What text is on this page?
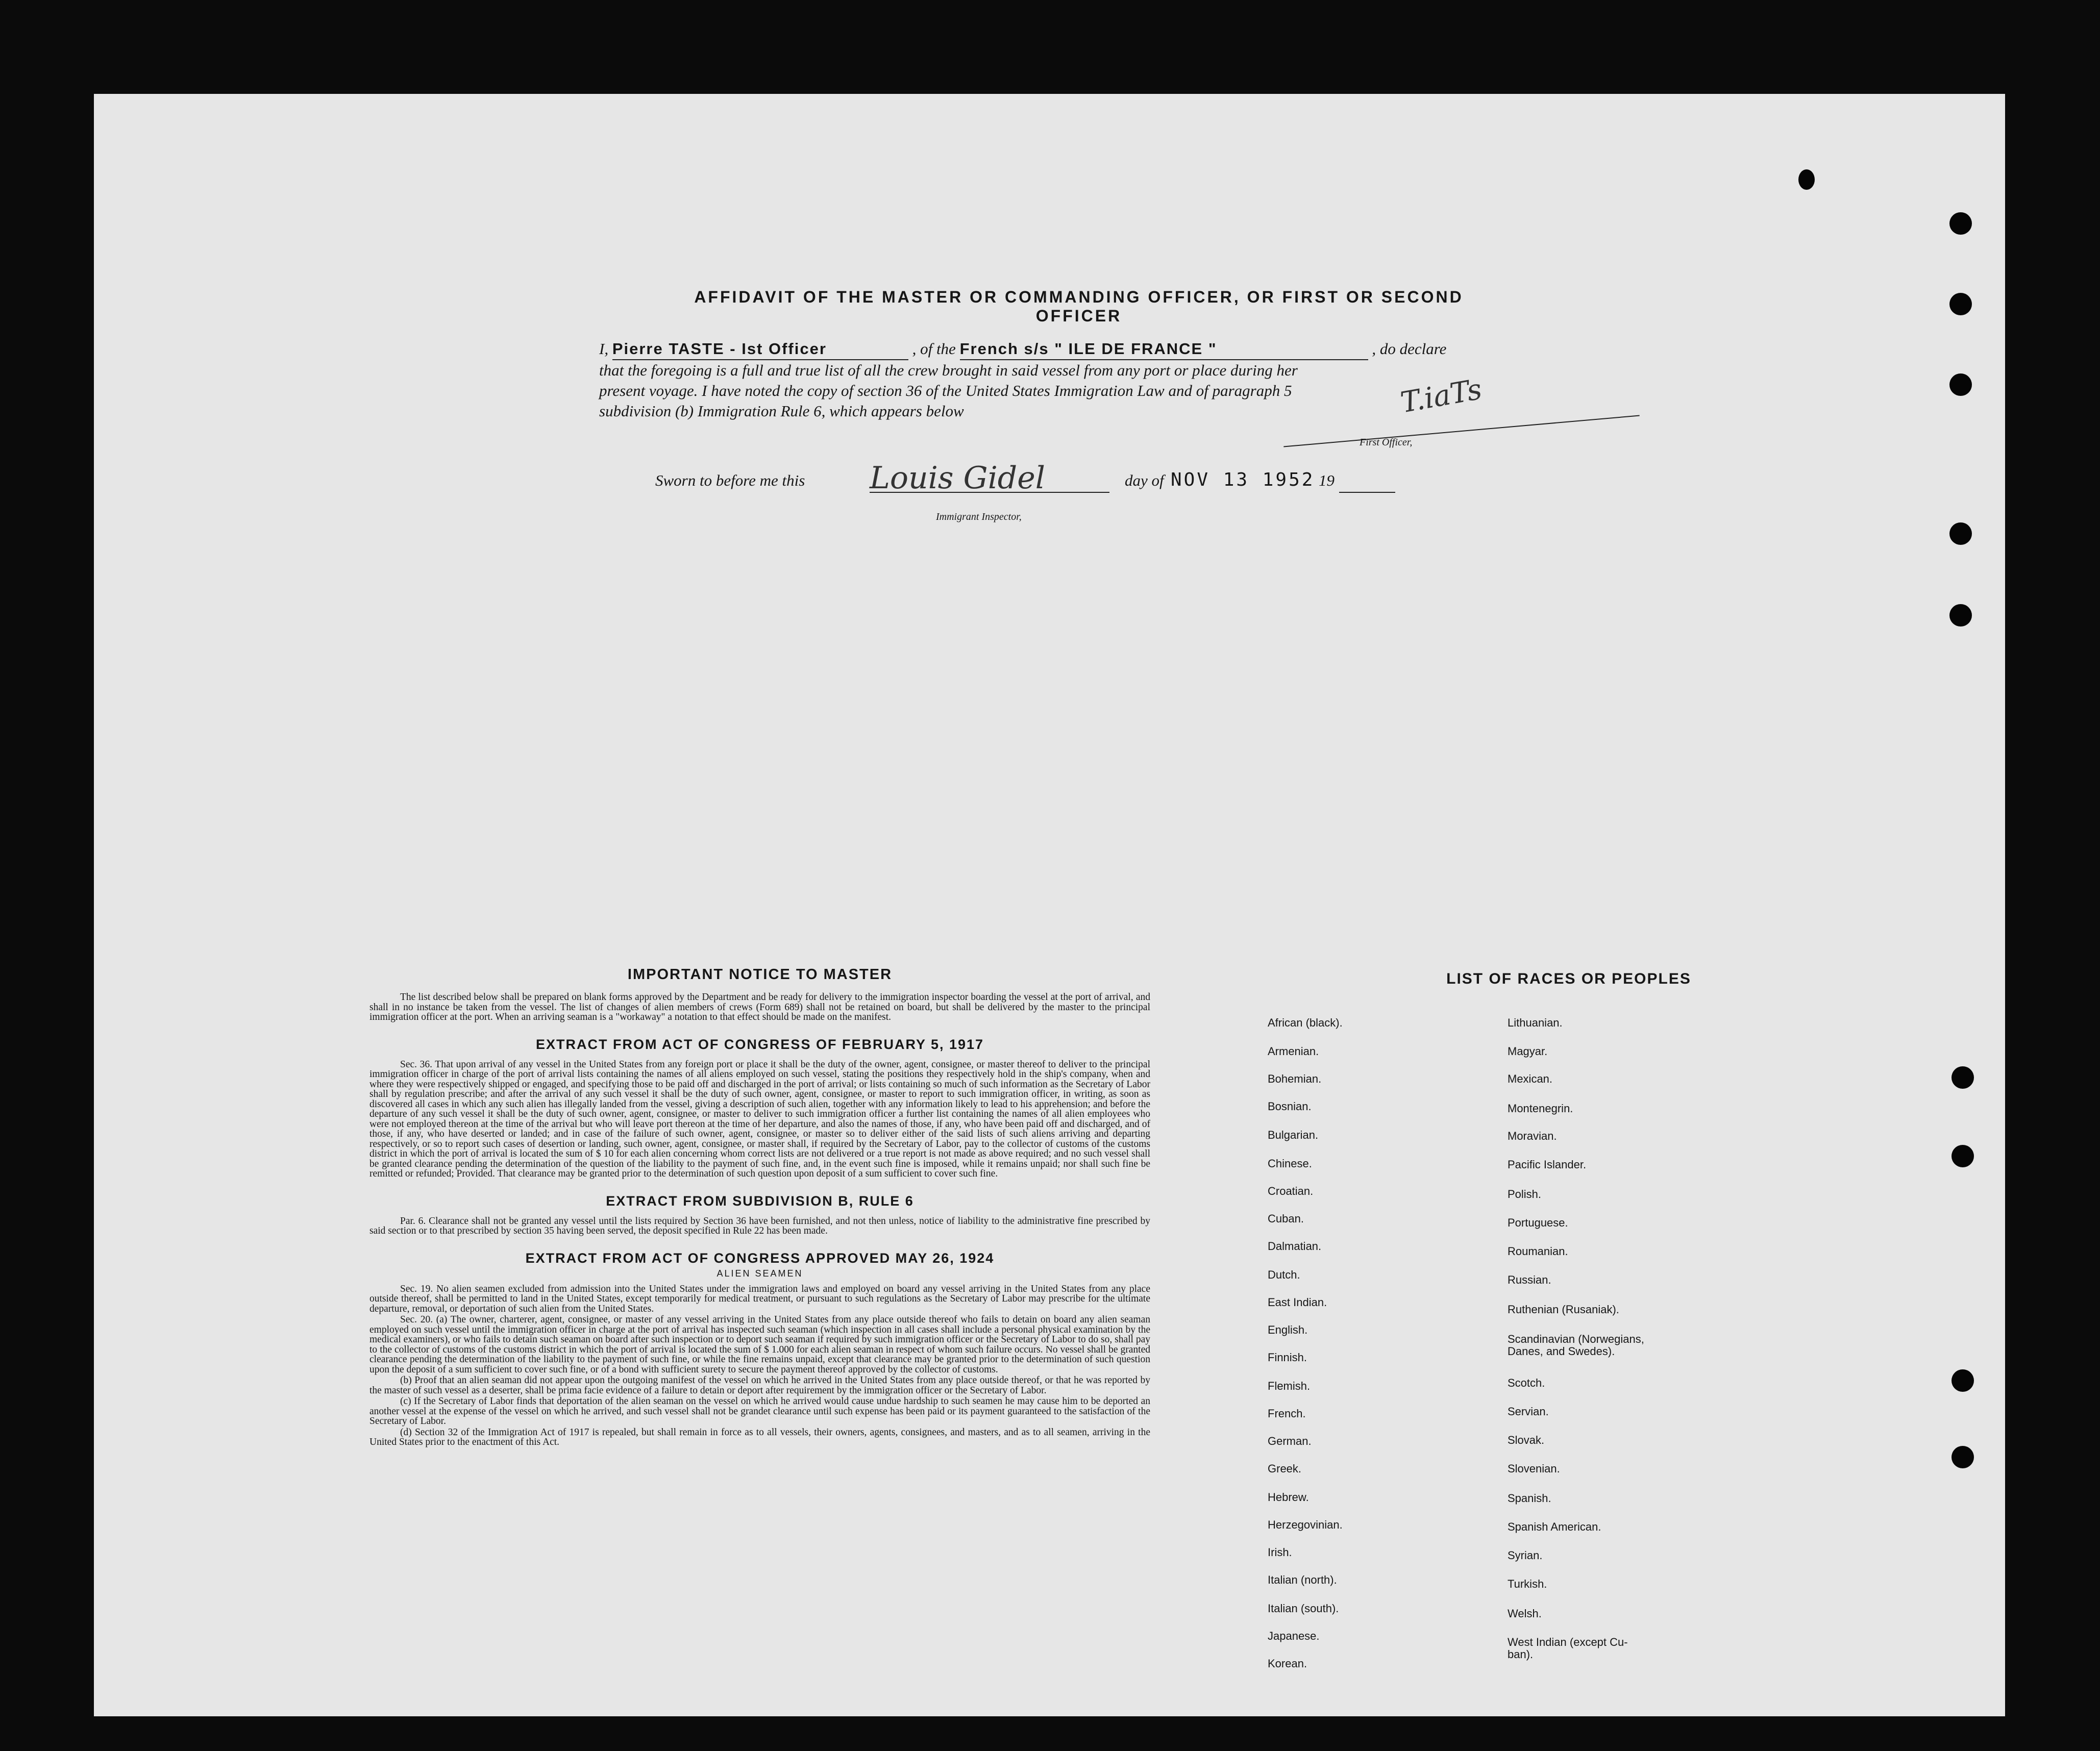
AFFIDAVIT OF THE MASTER OR COMMANDING OFFICER, OR FIRST OR SECOND OFFICER
I, Pierre TASTE - Ist Officer	, of the French s/s " ILE DE FRANCE "	, do declare
that the foregoing is a full and true list of all the crew brought in said vessel from any port or place during her
present voyage. I have noted the copy of section 36 of the United States Immigration Law and of paragraph 5
subdivision (b) Immigration Rule 6, which appears below	T.iaTs
First Officer,
Sworn to before me this	day of NOV 13 1952 19
Louis Gidel
Immigrant Inspector,
IMPORTANT NOTICE TO MASTER

The list described below shall be prepared on blank forms approved by the Department and be ready for delivery to the immigration inspector boarding the vessel at the port of arrival, and shall in no instance be taken from the vessel. The list of changes of alien members of crews (Form 689) shall not be retained on board, but shall be delivered by the master to the principal immigration officer at the port. When an arriving seaman is a "workaway" a notation to that effect should be made on the manifest.

EXTRACT FROM ACT OF CONGRESS OF FEBRUARY 5, 1917

Sec. 36. That upon arrival of any vessel in the United States from any foreign port or place it shall be the duty of the owner, agent, consignee, or master thereof to deliver to the principal immigration officer in charge of the port of arrival lists containing the names of all aliens employed on such vessel, stating the positions they respectively hold in the ship's company, when and where they were respectively shipped or engaged, and specifying those to be paid off and discharged in the port of arrival; or lists containing so much of such information as the Secretary of Labor shall by regulation prescribe; and after the arrival of any such vessel it shall be the duty of such owner, agent, consignee, or master to report to such immigration officer, in writing, as soon as discovered all cases in which any such alien has illegally landed from the vessel, giving a description of such alien, together with any information likely to lead to his apprehension; and before the departure of any such vessel it shall be the duty of such owner, agent, consignee, or master to deliver to such immigration officer a further list containing the names of all alien employees who were not employed thereon at the time of the arrival but who will leave port thereon at the time of her departure, and also the names of those, if any, who have been paid off and discharged, and of those, if any, who have deserted or landed; and in case of the failure of such owner, agent, consignee, or master so to deliver either of the said lists of such aliens arriving and departing respectively, or so to report such cases of desertion or landing, such owner, agent, consignee, or master shall, if required by the Secretary of Labor, pay to the collector of customs of the customs district in which the port of arrival is located the sum of $ 10 for each alien concerning whom correct lists are not delivered or a true report is not made as above required; and no such vessel shall be granted clearance pending the determination of the question of the liability to the payment of such fine, and, in the event such fine is imposed, while it remains unpaid; nor shall such fine be remitted or refunded; Provided. That clearance may be granted prior to the determination of such question upon deposit of a sum sufficient to cover such fine.

EXTRACT FROM SUBDIVISION B, RULE 6

Par. 6. Clearance shall not be granted any vessel until the lists required by Section 36 have been furnished, and not then unless, notice of liability to the administrative fine prescribed by said section or to that prescribed by section 35 having been served, the deposit specified in Rule 22 has been made.

EXTRACT FROM ACT OF CONGRESS APPROVED MAY 26, 1924
ALIEN SEAMEN

Sec. 19. No alien seamen excluded from admission into the United States under the immigration laws and employed on board any vessel arriving in the United States from any place outside thereof, shall be permitted to land in the United States, except temporarily for medical treatment, or pursuant to such regulations as the Secretary of Labor may prescribe for the ultimate departure, removal, or deportation of such alien from the United States.

Sec. 20. (a) The owner, charterer, agent, consignee, or master of any vessel arriving in the United States from any place outside thereof who fails to detain on board any alien seaman employed on such vessel until the immigration officer in charge at the port of arrival has inspected such seaman (which inspection in all cases shall include a personal physical examination by the medical examiners), or who fails to detain such seaman on board after such inspection or to deport such seaman if required by such immigration officer or the Secretary of Labor to do so, shall pay to the collector of customs of the customs district in which the port of arrival is located the sum of $ 1.000 for each alien seaman in respect of whom such failure occurs. No vessel shall be granted clearance pending the determination of the liability to the payment of such fine, or while the fine remains unpaid, except that clearance may be granted prior to the determination of such question upon the deposit of a sum sufficient to cover such fine, or of a bond with sufficient surety to secure the payment thereof approved by the collector of customs.

(b) Proof that an alien seaman did not appear upon the outgoing manifest of the vessel on which he arrived in the United States from any place outside thereof, or that he was reported by the master of such vessel as a deserter, shall be prima facie evidence of a failure to detain or deport after requirement by the immigration officer or the Secretary of Labor.

(c) If the Secretary of Labor finds that deportation of the alien seaman on the vessel on which he arrived would cause undue hardship to such seamen he may cause him to be deported an another vessel at the expense of the vessel on which he arrived, and such vessel shall not be grandet clearance until such expense has been paid or its payment guaranteed to the satisfaction of the Secretary of Labor.

(d) Section 32 of the Immigration Act of 1917 is repealed, but shall remain in force as to all vessels, their owners, agents, consignees, and masters, and as to all seamen, arriving in the United States prior to the enactment of this Act.

LIST OF RACES OR PEOPLES
African (black).
Armenian.
Bohemian.
Bosnian.
Bulgarian.
Chinese.
Croatian.
Cuban.
Dalmatian.
Dutch.
East Indian.
English.
Finnish.
Flemish.
French.
German.
Greek.
Hebrew.
Herzegovinian.
Irish.
Italian (north).
Italian (south).
Japanese.
Korean.
Lithuanian.
Magyar.
Mexican.
Montenegrin.
Moravian.
Pacific Islander.
Polish.
Portuguese.
Roumanian.
Russian.
Ruthenian (Rusaniak).
Scandinavian (Norwegians,
Danes, and Swedes).
Scotch.
Servian.
Slovak.
Slovenian.
Spanish.
Spanish American.
Syrian.
Turkish.
Welsh.
West Indian (except Cu-
ban).
